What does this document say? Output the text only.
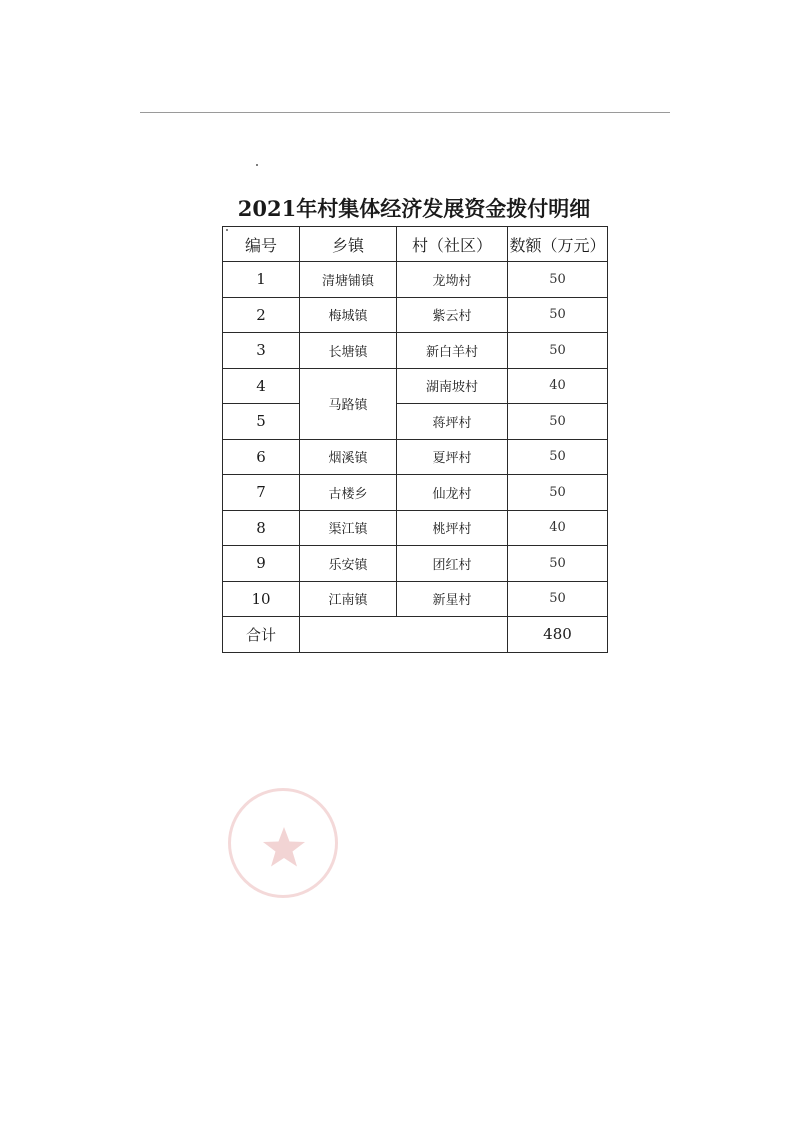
2021年村集体经济发展资金拨付明细
编号	乡镇	村（社区）	数额（万元）
1	清塘铺镇	龙坳村	50
2	梅城镇	紫云村	50
3	长塘镇	新白羊村	50
4	马路镇	湖南坡村	40
5		蒋坪村	50
6	烟溪镇	夏坪村	50
7	古楼乡	仙龙村	50
8	渠江镇	桃坪村	40
9	乐安镇	团红村	50
10	江南镇	新星村	50
合计			480
